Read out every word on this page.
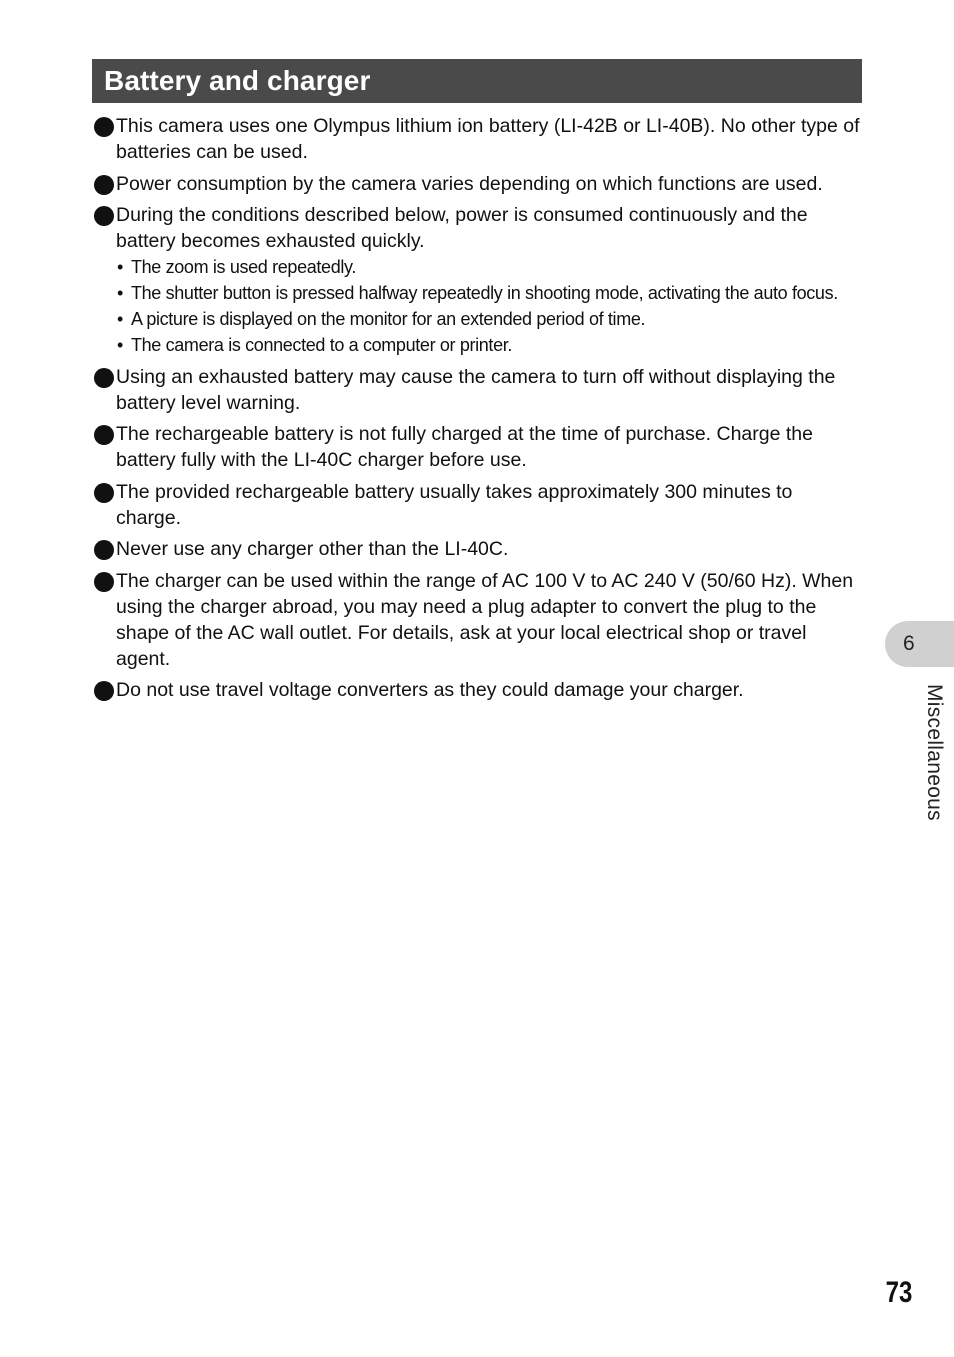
Battery and charger
This camera uses one Olympus lithium ion battery (LI-42B or LI-40B). No other type of batteries can be used.
Power consumption by the camera varies depending on which functions are used.
During the conditions described below, power is consumed continuously and the battery becomes exhausted quickly.
• The zoom is used repeatedly.
• The shutter button is pressed halfway repeatedly in shooting mode, activating the auto focus.
• A picture is displayed on the monitor for an extended period of time.
• The camera is connected to a computer or printer.
Using an exhausted battery may cause the camera to turn off without displaying the battery level warning.
The rechargeable battery is not fully charged at the time of purchase. Charge the battery fully with the LI-40C charger before use.
The provided rechargeable battery usually takes approximately 300 minutes to charge.
Never use any charger other than the LI-40C.
The charger can be used within the range of AC 100 V to AC 240 V (50/60 Hz). When using the charger abroad, you may need a plug adapter to convert the plug to the shape of the AC wall outlet. For details, ask at your local electrical shop or travel agent.
Do not use travel voltage converters as they could damage your charger.
6
Miscellaneous
73
